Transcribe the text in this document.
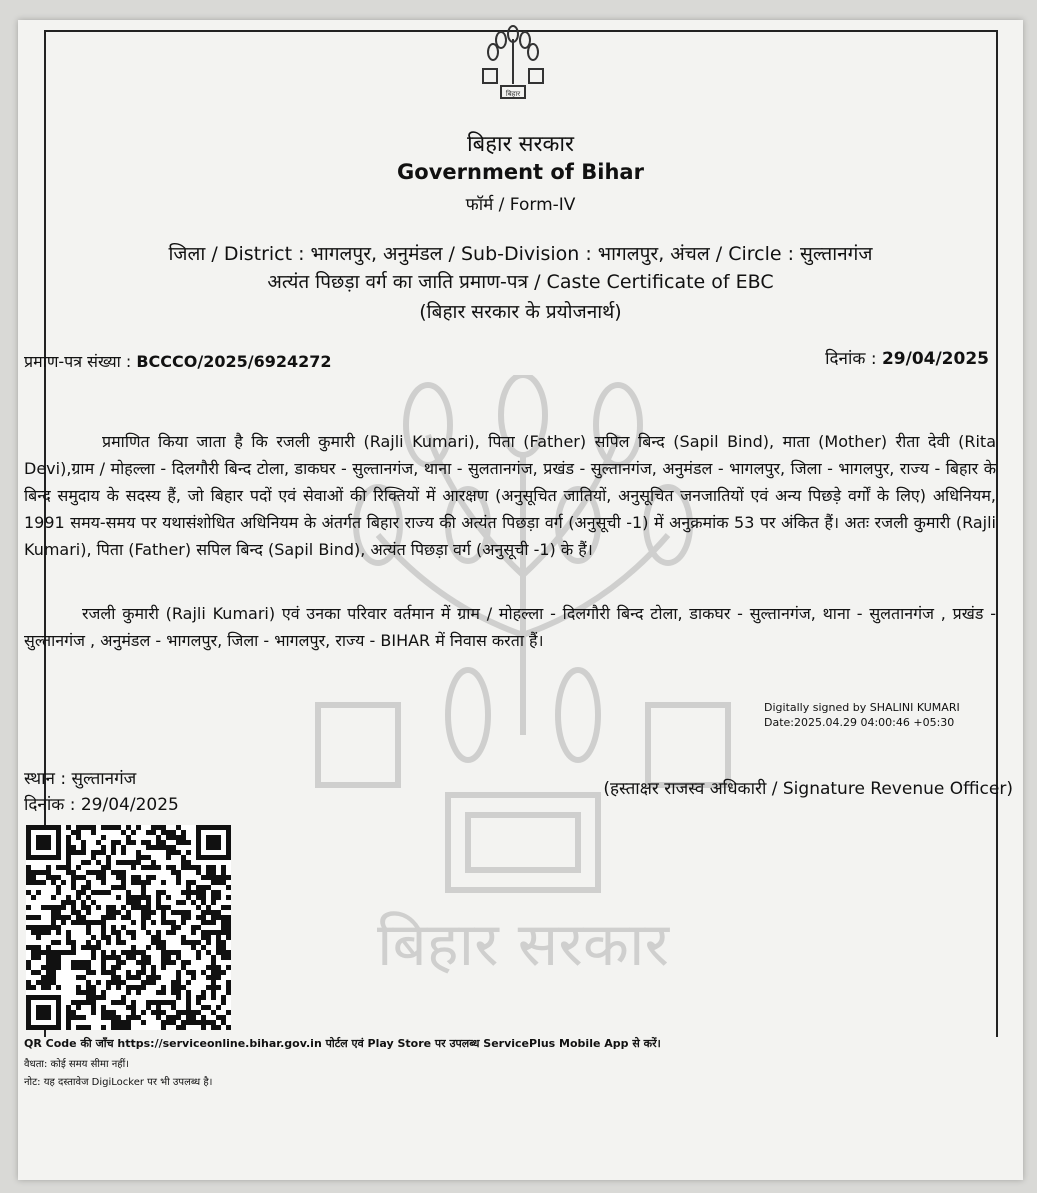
बिहार सरकार
बिहार
बिहार सरकार
Government of Bihar
फॉर्म / Form-IV
जिला / District : भागलपुर, अनुमंडल / Sub-Division : भागलपुर, अंचल / Circle : सुल्तानगंज
अत्यंत पिछड़ा वर्ग का जाति प्रमाण-पत्र / Caste Certificate of EBC
(बिहार सरकार के प्रयोजनार्थ)
प्रमाण-पत्र संख्या : BCCCO/2025/6924272	दिनांक : 29/04/2025
प्रमाणित किया जाता है कि रजली कुमारी (Rajli Kumari), पिता (Father) सपिल बिन्द (Sapil Bind), माता (Mother) रीता देवी (Rita Devi),ग्राम / मोहल्ला - दिलगौरी बिन्द टोला, डाकघर - सुल्तानगंज, थाना - सुलतानगंज, प्रखंड - सुल्तानगंज, अनुमंडल - भागलपुर, जिला - भागलपुर, राज्य - बिहार के बिन्द समुदाय के सदस्य हैं, जो बिहार पदों एवं सेवाओं की रिक्तियों में आरक्षण (अनुसूचित जातियों, अनुसूचित जनजातियों एवं अन्य पिछड़े वर्गों के लिए) अधिनियम, 1991 समय-समय पर यथासंशोधित अधिनियम के अंतर्गत बिहार राज्य की अत्यंत पिछड़ा वर्ग (अनुसूची -1) में अनुक्रमांक 53 पर अंकित हैं। अतः रजली कुमारी (Rajli Kumari), पिता (Father) सपिल बिन्द (Sapil Bind), अत्यंत पिछड़ा वर्ग (अनुसूची -1) के हैं।
रजली कुमारी (Rajli Kumari) एवं उनका परिवार वर्तमान में ग्राम / मोहल्ला - दिलगौरी बिन्द टोला, डाकघर - सुल्तानगंज, थाना - सुलतानगंज , प्रखंड - सुल्तानगंज , अनुमंडल - भागलपुर, जिला - भागलपुर, राज्य - BIHAR में निवास करता हैं।
Digitally signed by SHALINI KUMARI
Date:2025.04.29 04:00:46 +05:30
स्थान : सुल्तानगंज
दिनांक : 29/04/2025
(हस्ताक्षर राजस्व अधिकारी / Signature Revenue Officer)
QR Code की जाँच https://serviceonline.bihar.gov.in पोर्टल एवं Play Store पर उपलब्ध ServicePlus Mobile App से करें।
वैधता: कोई समय सीमा नहीं।
नोट: यह दस्तावेज DigiLocker पर भी उपलब्ध है।
